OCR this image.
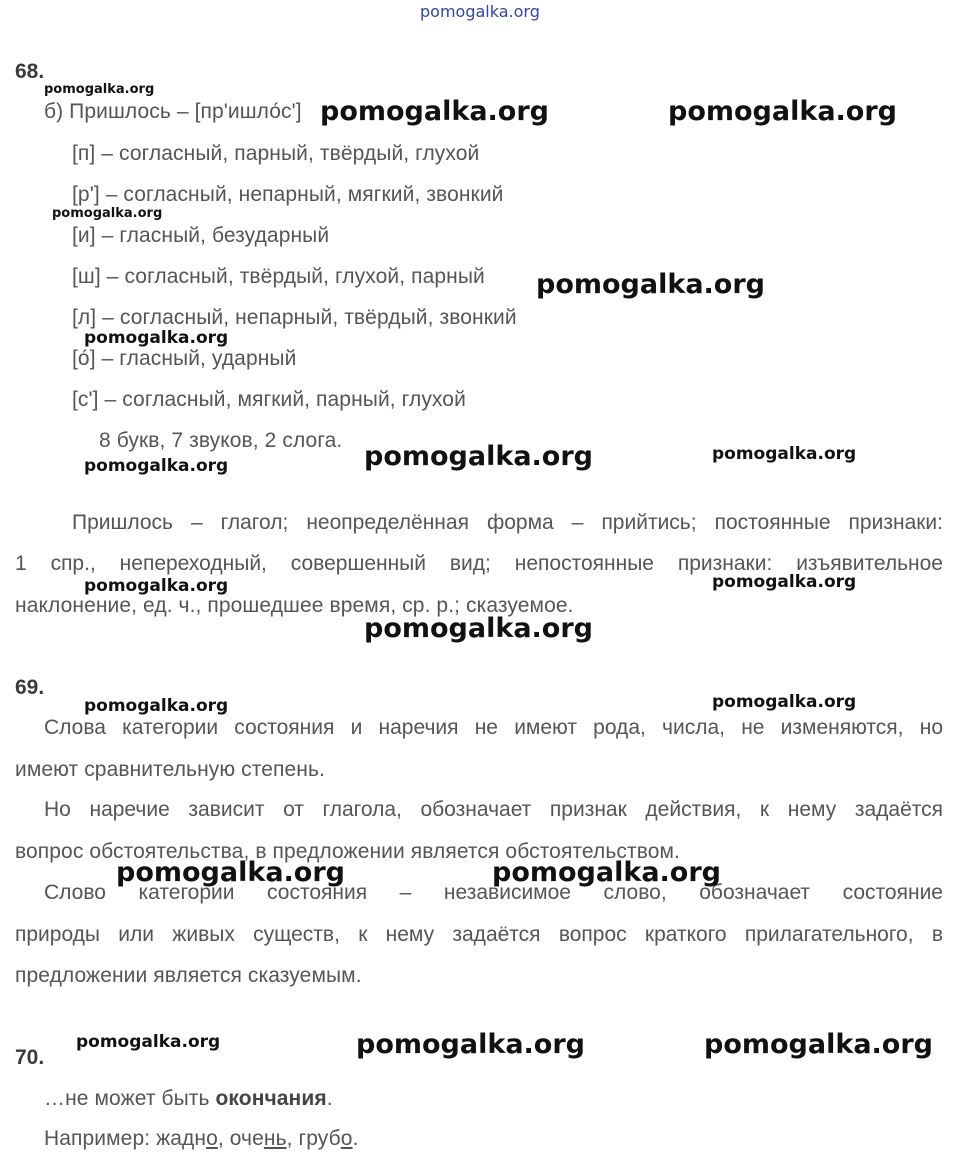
pomogalka.org
68.
б) Пришлось – [пр'ишло́с']
[п] – согласный, парный, твёрдый, глухой
[р'] – согласный, непарный, мягкий, звонкий
[и] – гласный, безударный
[ш] – согласный, твёрдый, глухой, парный
[л] – согласный, непарный, твёрдый, звонкий
[о́] – гласный, ударный
[с'] – согласный, мягкий, парный, глухой
8 букв, 7 звуков, 2 слога.
Пришлось – глагол; неопределённая форма – прийтись; постоянные признаки:
1 спр., непереходный, совершенный вид; непостоянные признаки: изъявительное
наклонение, ед. ч., прошедшее время, ср. р.; сказуемое.
69.
Слова категории состояния и наречия не имеют рода, числа, не изменяются, но
имеют сравнительную степень.
Но наречие зависит от глагола, обозначает признак действия, к нему задаётся
вопрос обстоятельства, в предложении является обстоятельством.
Слово категории состояния – независимое слово, обозначает состояние
природы или живых существ, к нему задаётся вопрос краткого прилагательного, в
предложении является сказуемым.
70.
…не может быть окончания.
Например: жадно, очень, грубо.
pomogalka.org
pomogalka.org	pomogalka.org
pomogalka.org
pomogalka.org
pomogalka.org
pomogalka.org	pomogalka.org
pomogalka.org
pomogalka.org
pomogalka.org
pomogalka.org
pomogalka.org
pomogalka.org
pomogalka.org	pomogalka.org
pomogalka.org	pomogalka.org	pomogalka.org
